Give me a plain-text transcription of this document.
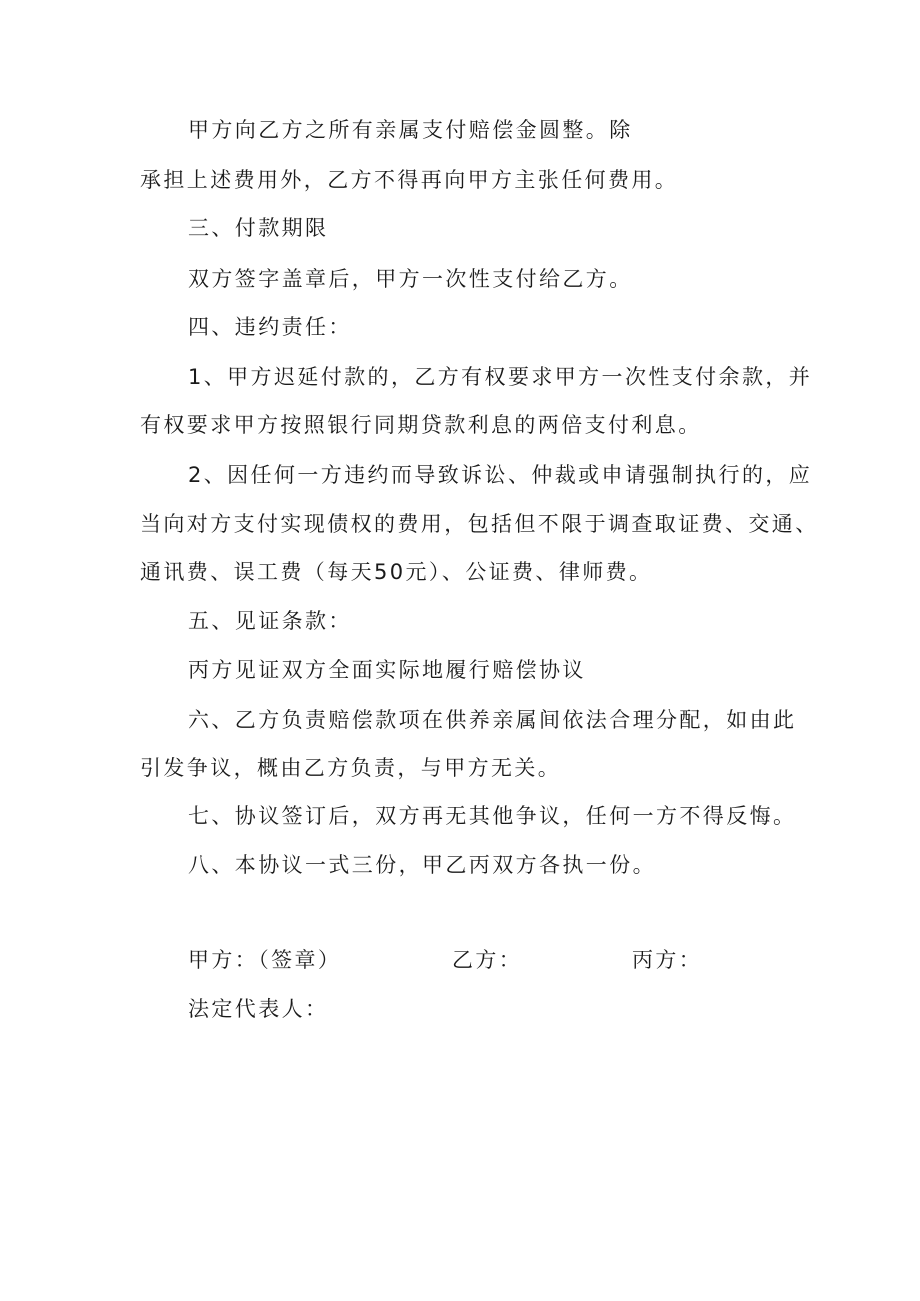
甲方向乙方之所有亲属支付赔偿金圆整。除
承担上述费用外，乙方不得再向甲方主张任何费用。
三、付款期限
双方签字盖章后，甲方一次性支付给乙方。
四、违约责任：
1、甲方迟延付款的，乙方有权要求甲方一次性支付余款，并
有权要求甲方按照银行同期贷款利息的两倍支付利息。
2、因任何一方违约而导致诉讼、仲裁或申请强制执行的，应
当向对方支付实现债权的费用，包括但不限于调查取证费、交通、
通讯费、误工费（每天50元）、公证费、律师费。
五、见证条款：
丙方见证双方全面实际地履行赔偿协议
六、乙方负责赔偿款项在供养亲属间依法合理分配，如由此
引发争议，概由乙方负责，与甲方无关。
七、协议签订后，双方再无其他争议，任何一方不得反悔。
八、本协议一式三份，甲乙丙双方各执一份。
甲方：（签章）	乙方：	丙方：
法定代表人：
